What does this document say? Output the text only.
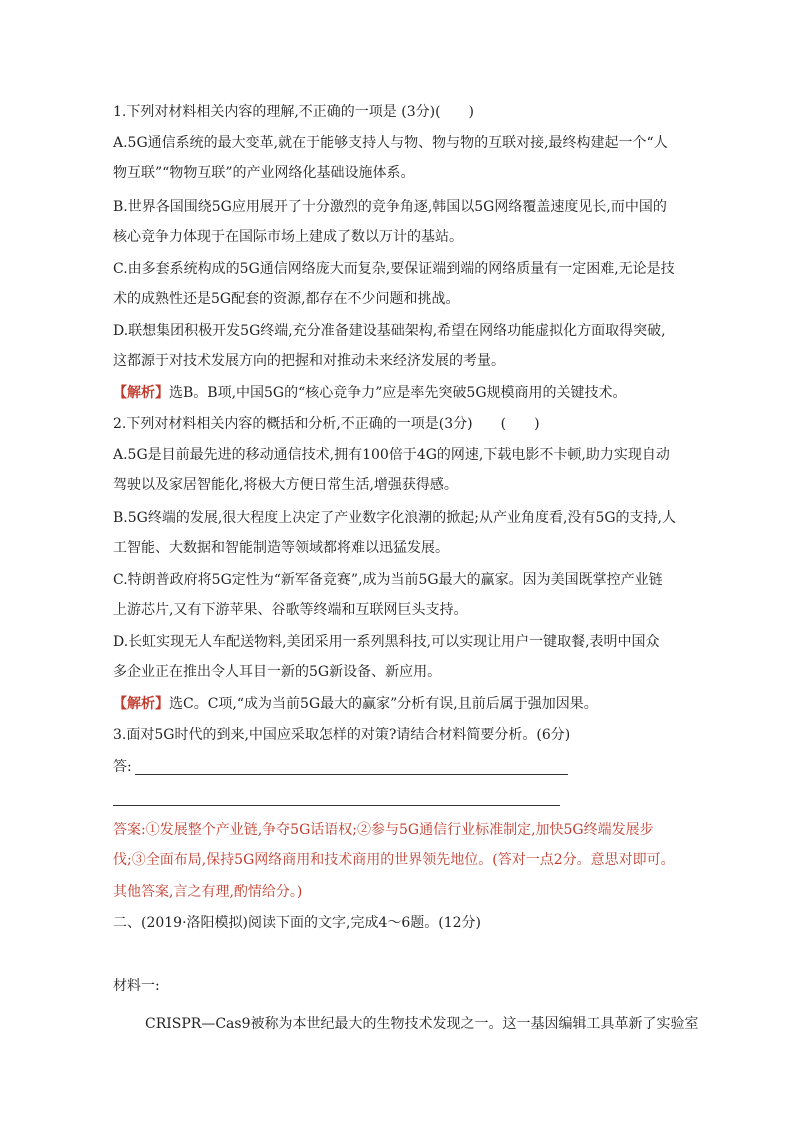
1.下列对材料相关内容的理解,不正确的一项是 (3分)(　　)
A.5G通信系统的最大变革,就在于能够支持人与物、物与物的互联对接,最终构建起一个“人
物互联”“物物互联”的产业网络化基础设施体系。
B.世界各国围绕5G应用展开了十分激烈的竞争角逐,韩国以5G网络覆盖速度见长,而中国的
核心竞争力体现于在国际市场上建成了数以万计的基站。
C.由多套系统构成的5G通信网络庞大而复杂,要保证端到端的网络质量有一定困难,无论是技
术的成熟性还是5G配套的资源,都存在不少问题和挑战。
D.联想集团积极开发5G终端,充分准备建设基础架构,希望在网络功能虚拟化方面取得突破,
这都源于对技术发展方向的把握和对推动未来经济发展的考量。
【解析】选B。B项,中国5G的“核心竞争力”应是率先突破5G规模商用的关键技术。
2.下列对材料相关内容的概括和分析,不正确的一项是(3分)　　(　　)
A.5G是目前最先进的移动通信技术,拥有100倍于4G的网速,下载电影不卡顿,助力实现自动
驾驶以及家居智能化,将极大方便日常生活,增强获得感。
B.5G终端的发展,很大程度上决定了产业数字化浪潮的掀起;从产业角度看,没有5G的支持,人
工智能、大数据和智能制造等领域都将难以迅猛发展。
C.特朗普政府将5G定性为“新军备竞赛”,成为当前5G最大的赢家。因为美国既掌控产业链
上游芯片,又有下游苹果、谷歌等终端和互联网巨头支持。
D.长虹实现无人车配送物料,美团采用一系列黑科技,可以实现让用户一键取餐,表明中国众
多企业正在推出令人耳目一新的5G新设备、新应用。
【解析】选C。C项,“成为当前5G最大的赢家”分析有误,且前后属于强加因果。
3.面对5G时代的到来,中国应采取怎样的对策?请结合材料简要分析。(6分)
答:
答案:①发展整个产业链,争夺5G话语权;②参与5G通信行业标准制定,加快5G终端发展步
伐;③全面布局,保持5G网络商用和技术商用的世界领先地位。(答对一点2分。意思对即可。
其他答案,言之有理,酌情给分。)
二、(2019·洛阳模拟)阅读下面的文字,完成4～6题。(12分)
材料一:
CRISPR—Cas9被称为本世纪最大的生物技术发现之一。这一基因编辑工具革新了实验室
